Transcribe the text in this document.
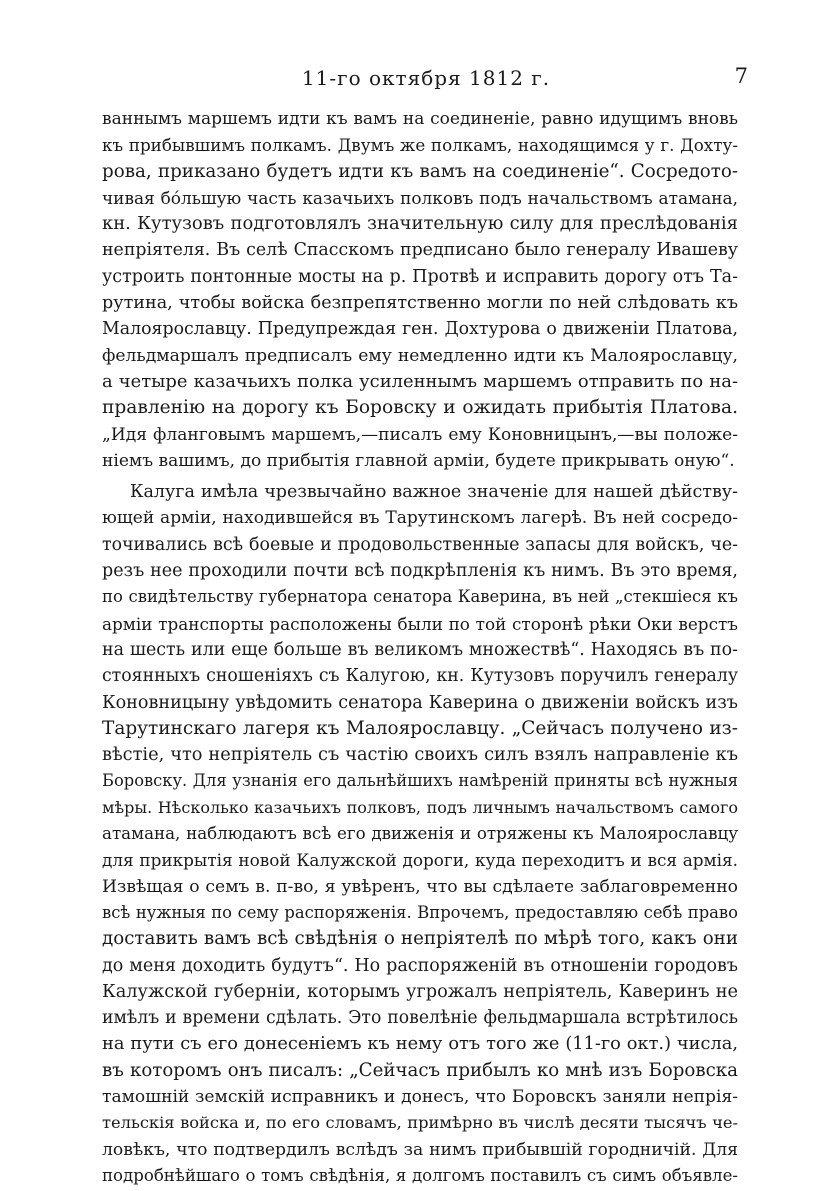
11-го октября 1812 г.	7
ваннымъ маршемъ идти къ вамъ на соединеніе, равно идущимъ вновь
къ прибывшимъ полкамъ. Двумъ же полкамъ, находящимся у г. Дохту-
рова, приказано будетъ идти къ вамъ на соединеніе“. Сосредото-
чивая бо́льшую часть казачьихъ полковъ подъ начальствомъ атамана,
кн. Кутузовъ подготовлялъ значительную силу для преслѣдованія
непріятеля. Въ селѣ Спасскомъ предписано было генералу Ивашеву
устроить понтонные мосты на р. Протвѣ и исправить дорогу отъ Та-
рутина, чтобы войска безпрепятственно могли по ней слѣдовать къ
Малоярославцу. Предупреждая ген. Дохтурова о движеніи Платова,
фельдмаршалъ предписалъ ему немедленно идти къ Малоярославцу,
а четыре казачьихъ полка усиленнымъ маршемъ отправить по на-
правленію на дорогу къ Боровску и ожидать прибытія Платова.
„Идя фланговымъ маршемъ,—писалъ ему Коновницынъ,—вы положе-
ніемъ вашимъ, до прибытія главной арміи, будете прикрывать оную“.
Калуга имѣла чрезвычайно важное значеніе для нашей дѣйству-
ющей арміи, находившейся въ Тарутинскомъ лагерѣ. Въ ней сосредо-
точивались всѣ боевые и продовольственные запасы для войскъ, че-
резъ нее проходили почти всѣ подкрѣпленія къ нимъ. Въ это время,
по свидѣтельству губернатора сенатора Каверина, въ ней „стекшіеся къ
арміи транспорты расположены были по той сторонѣ рѣки Оки верстъ
на шесть или еще больше въ великомъ множествѣ“. Находясь въ по-
стоянныхъ сношеніяхъ съ Калугою, кн. Кутузовъ поручилъ генералу
Коновницыну увѣдомить сенатора Каверина о движеніи войскъ изъ
Тарутинскаго лагеря къ Малоярославцу. „Сейчасъ получено из-
вѣстіе, что непріятель съ частію своихъ силъ взялъ направленіе къ
Боровску. Для узнанія его дальнѣйшихъ намѣреній приняты всѣ нужныя
мѣры. Нѣсколько казачьихъ полковъ, подъ личнымъ начальствомъ самого
атамана, наблюдаютъ всѣ его движенія и отряжены къ Малоярославцу
для прикрытія новой Калужской дороги, куда переходитъ и вся армія.
Извѣщая о семъ в. п-во, я увѣренъ, что вы сдѣлаете заблаговременно
всѣ нужныя по сему распоряженія. Впрочемъ, предоставляю себѣ право
доставить вамъ всѣ свѣдѣнія о непріятелѣ по мѣрѣ того, какъ они
до меня доходить будутъ“. Но распоряженій въ отношеніи городовъ
Калужской губерніи, которымъ угрожалъ непріятель, Каверинъ не
имѣлъ и времени сдѣлать. Это повелѣніе фельдмаршала встрѣтилось
на пути съ его донесеніемъ къ нему отъ того же (11-го окт.) числа,
въ которомъ онъ писалъ: „Сейчасъ прибылъ ко мнѣ изъ Боровска
тамошній земскій исправникъ и донесъ, что Боровскъ заняли непрія-
тельскія войска и, по его словамъ, примѣрно въ числѣ десяти тысячъ че-
ловѣкъ, что подтвердилъ вслѣдъ за нимъ прибывшій городничій. Для
подробнѣйшаго о томъ свѣдѣнія, я долгомъ поставилъ съ симъ объявле-
